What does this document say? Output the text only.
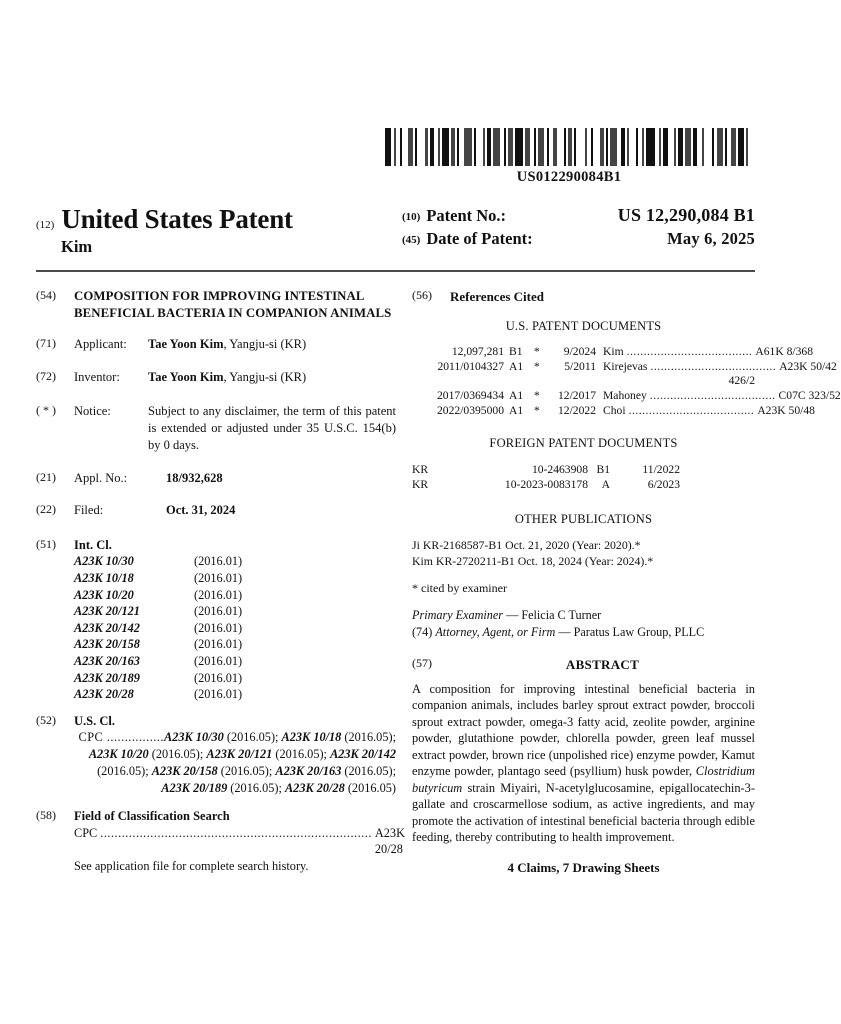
US012290084B1
(12) United States Patent
Kim
(10) Patent No.:	US 12,290,084 B1
(45) Date of Patent:	May 6, 2025
(54)	COMPOSITION FOR IMPROVING INTESTINAL BENEFICIAL BACTERIA IN COMPANION ANIMALS
(71)	Applicant:	Tae Yoon Kim, Yangju-si (KR)
(72)	Inventor:	Tae Yoon Kim, Yangju-si (KR)
( * )	Notice:	Subject to any disclaimer, the term of this patent is extended or adjusted under 35 U.S.C. 154(b) by 0 days.
(21)	Appl. No.:	18/932,628
(22)	Filed:	Oct. 31, 2024
(51)	Int. Cl.
A23K 10/30	(2016.01)
A23K 10/18	(2016.01)
A23K 10/20	(2016.01)
A23K 20/121	(2016.01)
A23K 20/142	(2016.01)
A23K 20/158	(2016.01)
A23K 20/163	(2016.01)
A23K 20/189	(2016.01)
A23K 20/28	(2016.01)
(52)	U.S. Cl.
CPC ................A23K 10/30 (2016.05); A23K 10/18 (2016.05); A23K 10/20 (2016.05); A23K 20/121 (2016.05); A23K 20/142 (2016.05); A23K 20/158 (2016.05); A23K 20/163 (2016.05); A23K 20/189 (2016.05); A23K 20/28 (2016.05)
(58)	Field of Classification Search
CPC ............................................................................ A23K 20/28
See application file for complete search history.
(56)	References Cited
U.S. PATENT DOCUMENTS
12,097,281 B1 *	9/2024 Kim ..................................... A61K 8/368
2011/0104327 A1 *	5/2011 Kirejevas ..................................... A23K 50/42
426/2
2017/0369434 A1 *	12/2017 Mahoney ..................................... C07C 323/52
2022/0395000 A1 *	12/2022 Choi ..................................... A23K 50/48
FOREIGN PATENT DOCUMENTS
KR	10-2463908 B1	11/2022
KR	10-2023-0083178	A	6/2023
OTHER PUBLICATIONS
Ji KR-2168587-B1 Oct. 21, 2020 (Year: 2020).*
Kim KR-2720211-B1 Oct. 18, 2024 (Year: 2024).*
* cited by examiner
Primary Examiner — Felicia C Turner
(74) Attorney, Agent, or Firm — Paratus Law Group, PLLC
(57)	ABSTRACT
A composition for improving intestinal beneficial bacteria in companion animals, includes barley sprout extract powder, broccoli sprout extract powder, omega-3 fatty acid, zeolite powder, arginine powder, glutathione powder, chlorella powder, green leaf mussel extract powder, brown rice (unpolished rice) enzyme powder, Kamut enzyme powder, plantago seed (psyllium) husk powder, Clostridium butyricum strain Miyairi, N-acetylglucosamine, epigallocatechin-3-gallate and croscarmellose sodium, as active ingredients, and may promote the activation of intestinal beneficial bacteria through edible feeding, thereby contributing to health improvement.
4 Claims, 7 Drawing Sheets
